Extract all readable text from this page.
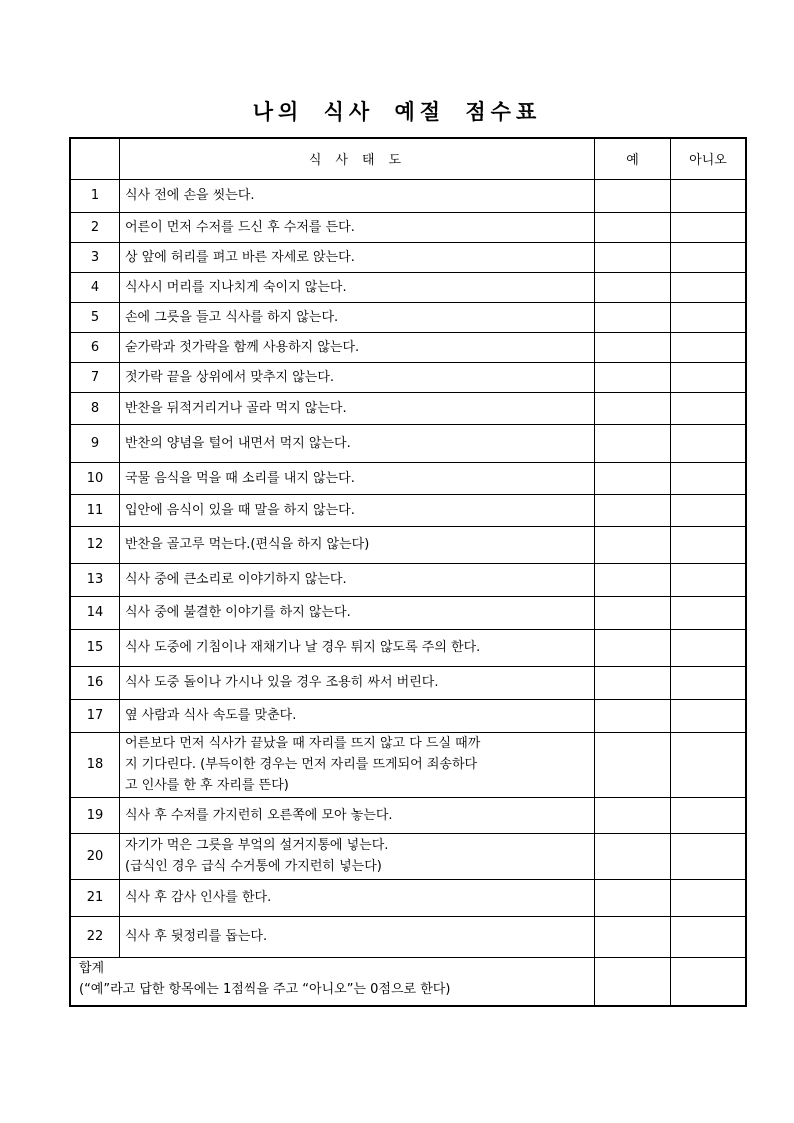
나의 식사 예절 점수표
	식사태도	예	아니오
1	식사 전에 손을 씻는다.		

2	어른이 먼저 수저를 드신 후 수저를 든다.		

3	상 앞에 허리를 펴고 바른 자세로 앉는다.		

4	식사시 머리를 지나치게 숙이지 않는다.		

5	손에 그릇을 들고 식사를 하지 않는다.		

6	숟가락과 젓가락을 함께 사용하지 않는다.		

7	젓가락 끝을 상위에서 맞추지 않는다.		

8	반찬을 뒤적거리거나 골라 먹지 않는다.		

9	반찬의 양념을 털어 내면서 먹지 않는다.		

10	국물 음식을 먹을 때 소리를 내지 않는다.		

11	입안에 음식이 있을 때 말을 하지 않는다.		

12	반찬을 골고루 먹는다.(편식을 하지 않는다)		

13	식사 중에 큰소리로 이야기하지 않는다.		

14	식사 중에 불결한 이야기를 하지 않는다.		

15	식사 도중에 기침이나 재채기나 날 경우 튀지 않도록 주의 한다.		

16	식사 도중 돌이나 가시나 있을 경우 조용히 싸서 버린다.		

17	옆 사람과 식사 속도를 맞춘다.		

18	어른보다 먼저 식사가 끝났을 때 자리를 뜨지 않고 다 드실 때까
지 기다린다. (부득이한 경우는 먼저 자리를 뜨게되어 죄송하다
고 인사를 한 후 자리를 뜬다)		

19	식사 후 수저를 가지런히 오른쪽에 모아 놓는다.		

20	자기가 먹은 그릇을 부엌의 설거지통에 넣는다.
(급식인 경우 급식 수거통에 가지런히 넣는다)		

21	식사 후 감사 인사를 한다.		

22	식사 후 뒷정리를 돕는다.		

합계
(“예”라고 답한 항목에는 1점씩을 주고 “아니오”는 0점으로 한다)			
